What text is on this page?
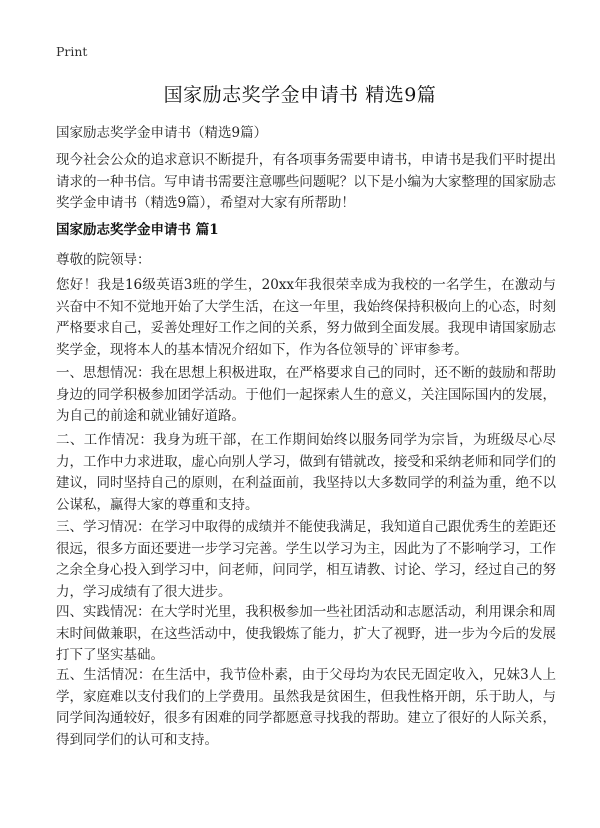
Print
国家励志奖学金申请书 精选9篇
国家励志奖学金申请书（精选9篇）

现今社会公众的追求意识不断提升，有各项事务需要申请书，申请书是我们平时提出请求的一种书信。写申请书需要注意哪些问题呢？以下是小编为大家整理的国家励志奖学金申请书（精选9篇），希望对大家有所帮助！

国家励志奖学金申请书 篇1
尊敬的院领导：

您好！我是16级英语3班的学生，20xx年我很荣幸成为我校的一名学生，在激动与兴奋中不知不觉地开始了大学生活，在这一年里，我始终保持积极向上的心态，时刻严格要求自己，妥善处理好工作之间的关系，努力做到全面发展。我现申请国家励志奖学金，现将本人的基本情况介绍如下，作为各位领导的`评审参考。

一、思想情况：我在思想上积极进取，在严格要求自己的同时，还不断的鼓励和帮助身边的同学积极参加团学活动。于他们一起探索人生的意义，关注国际国内的发展，为自己的前途和就业铺好道路。

二、工作情况：我身为班干部，在工作期间始终以服务同学为宗旨，为班级尽心尽力，工作中力求进取，虚心向别人学习，做到有错就改，接受和采纳老师和同学们的建议，同时坚持自己的原则，在利益面前，我坚持以大多数同学的利益为重，绝不以公谋私，赢得大家的尊重和支持。

三、学习情况：在学习中取得的成绩并不能使我满足，我知道自己跟优秀生的差距还很远，很多方面还要进一步学习完善。学生以学习为主，因此为了不影响学习，工作之余全身心投入到学习中，问老师，问同学，相互请教、讨论、学习，经过自己的努力，学习成绩有了很大进步。

四、实践情况：在大学时光里，我积极参加一些社团活动和志愿活动，利用课余和周末时间做兼职，在这些活动中，使我锻炼了能力，扩大了视野，进一步为今后的发展打下了坚实基础。

五、生活情况：在生活中，我节俭朴素，由于父母均为农民无固定收入，兄妹3人上学，家庭难以支付我们的上学费用。虽然我是贫困生，但我性格开朗，乐于助人，与同学间沟通较好，很多有困难的同学都愿意寻找我的帮助。建立了很好的人际关系，得到同学们的认可和支持。
